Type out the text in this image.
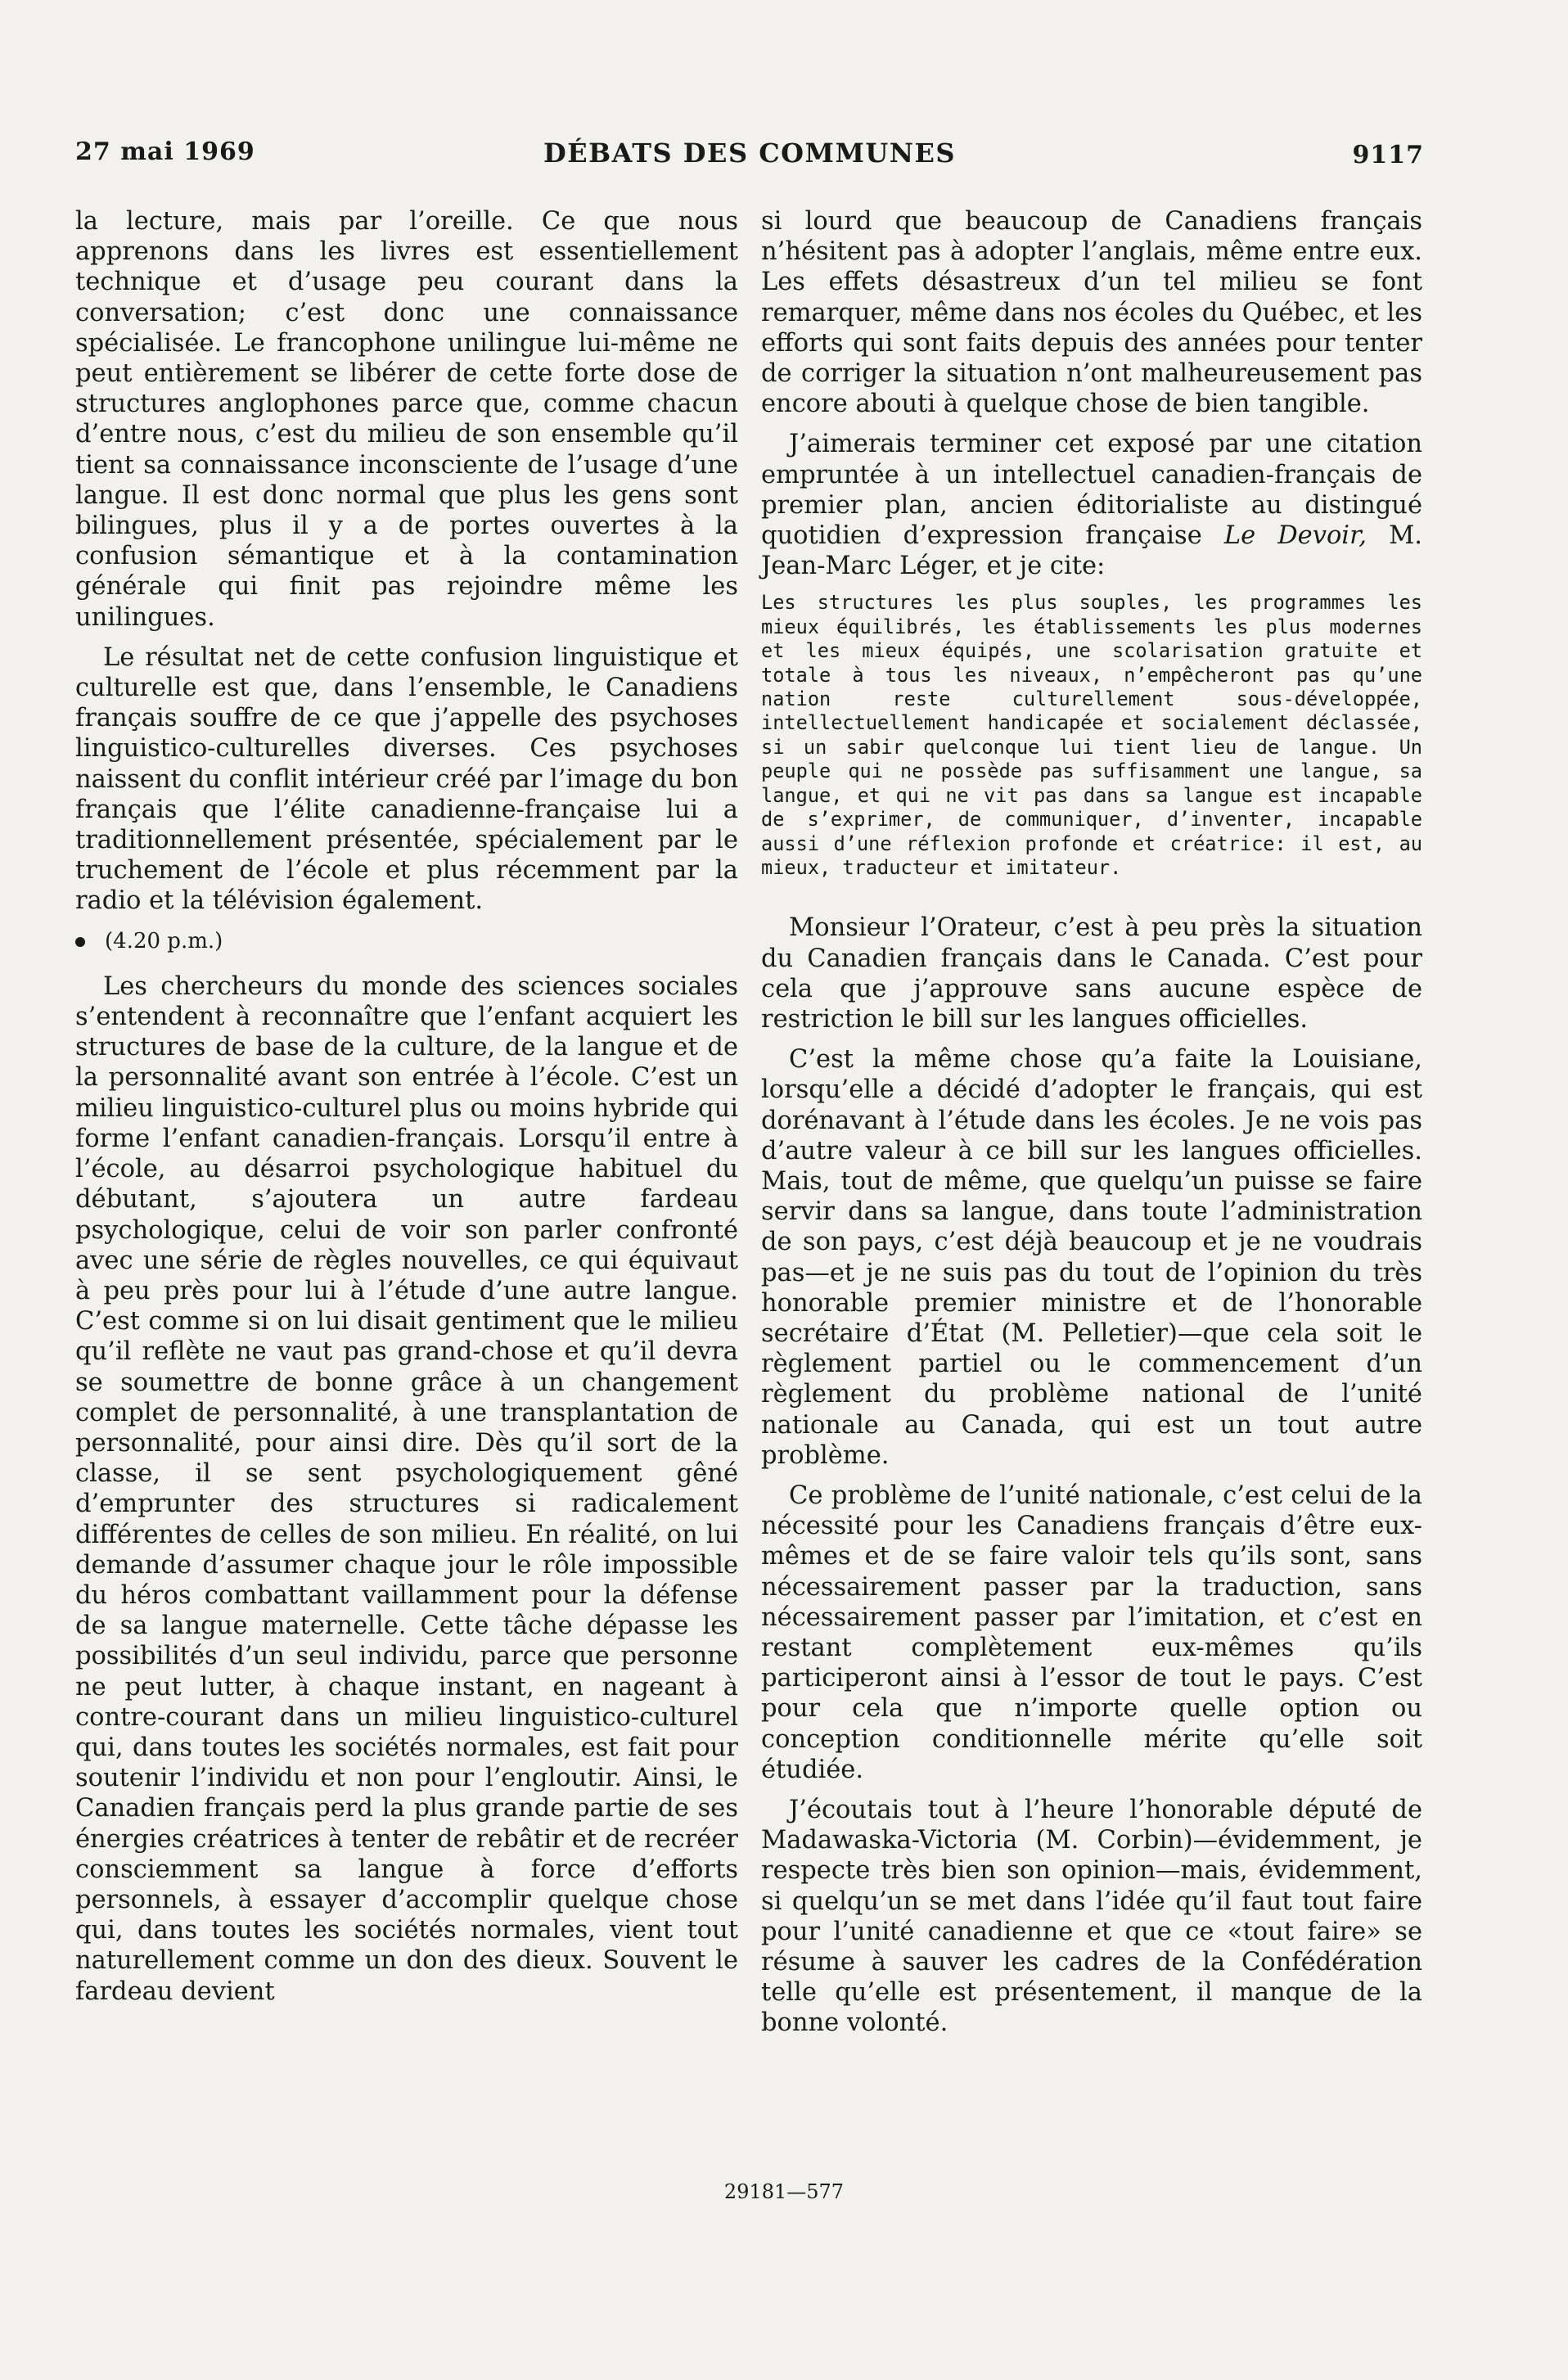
27 mai 1969	DÉBATS DES COMMUNES	9117

la lecture, mais par l’oreille. Ce que nous apprenons dans les livres est essentiellement technique et d’usage peu courant dans la conversation; c’est donc une connaissance spécialisée. Le francophone unilingue lui-même ne peut entièrement se libérer de cette forte dose de structures anglophones parce que, comme chacun d’entre nous, c’est du milieu de son ensemble qu’il tient sa connaissance inconsciente de l’usage d’une langue. Il est donc normal que plus les gens sont bilingues, plus il y a de portes ouvertes à la confusion sémantique et à la contamination générale qui finit pas rejoindre même les unilingues.

Le résultat net de cette confusion linguistique et culturelle est que, dans l’ensemble, le Canadiens français souffre de ce que j’appelle des psychoses linguistico-culturelles diverses. Ces psychoses naissent du conflit intérieur créé par l’image du bon français que l’élite canadienne-française lui a traditionnellement présentée, spécialement par le truchement de l’école et plus récemment par la radio et la télévision également.

(4.20 p.m.)

Les chercheurs du monde des sciences sociales s’entendent à reconnaître que l’enfant acquiert les structures de base de la culture, de la langue et de la personnalité avant son entrée à l’école. C’est un milieu linguistico-culturel plus ou moins hybride qui forme l’enfant canadien-français. Lorsqu’il entre à l’école, au désarroi psychologique habituel du débutant, s’ajoutera un autre fardeau psychologique, celui de voir son parler confronté avec une série de règles nouvelles, ce qui équivaut à peu près pour lui à l’étude d’une autre langue. C’est comme si on lui disait gentiment que le milieu qu’il reflète ne vaut pas grand-chose et qu’il devra se soumettre de bonne grâce à un changement complet de personnalité, à une transplantation de personnalité, pour ainsi dire. Dès qu’il sort de la classe, il se sent psychologiquement gêné d’emprunter des structures si radicalement différentes de celles de son milieu. En réalité, on lui demande d’assumer chaque jour le rôle impossible du héros combattant vaillamment pour la défense de sa langue maternelle. Cette tâche dépasse les possibilités d’un seul individu, parce que personne ne peut lutter, à chaque instant, en nageant à contre-courant dans un milieu linguistico-culturel qui, dans toutes les sociétés normales, est fait pour soutenir l’individu et non pour l’engloutir. Ainsi, le Canadien français perd la plus grande partie de ses énergies créatrices à tenter de rebâtir et de recréer consciemment sa langue à force d’efforts personnels, à essayer d’accomplir quelque chose qui, dans toutes les sociétés normales, vient tout naturellement comme un don des dieux. Souvent le fardeau devient

si lourd que beaucoup de Canadiens français n’hésitent pas à adopter l’anglais, même entre eux. Les effets désastreux d’un tel milieu se font remarquer, même dans nos écoles du Québec, et les efforts qui sont faits depuis des années pour tenter de corriger la situation n’ont malheureusement pas encore abouti à quelque chose de bien tangible.

J’aimerais terminer cet exposé par une citation empruntée à un intellectuel canadien-français de premier plan, ancien éditorialiste au distingué quotidien d’expression française Le Devoir, M. Jean-Marc Léger, et je cite:

Les structures les plus souples, les programmes les mieux équilibrés, les établissements les plus modernes et les mieux équipés, une scolarisation gratuite et totale à tous les niveaux, n’empêcheront pas qu’une nation reste culturellement sous-développée, intellectuellement handicapée et socialement déclassée, si un sabir quelconque lui tient lieu de langue. Un peuple qui ne possède pas suffisamment une langue, sa langue, et qui ne vit pas dans sa langue est incapable de s’exprimer, de communiquer, d’inventer, incapable aussi d’une réflexion profonde et créatrice: il est, au mieux, traducteur et imitateur.

Monsieur l’Orateur, c’est à peu près la situation du Canadien français dans le Canada. C’est pour cela que j’approuve sans aucune espèce de restriction le bill sur les langues officielles.

C’est la même chose qu’a faite la Louisiane, lorsqu’elle a décidé d’adopter le français, qui est dorénavant à l’étude dans les écoles. Je ne vois pas d’autre valeur à ce bill sur les langues officielles. Mais, tout de même, que quelqu’un puisse se faire servir dans sa langue, dans toute l’administration de son pays, c’est déjà beaucoup et je ne voudrais pas—et je ne suis pas du tout de l’opinion du très honorable premier ministre et de l’honorable secrétaire d’État (M. Pelletier)—que cela soit le règlement partiel ou le commencement d’un règlement du problème national de l’unité nationale au Canada, qui est un tout autre problème.

Ce problème de l’unité nationale, c’est celui de la nécessité pour les Canadiens français d’être eux-mêmes et de se faire valoir tels qu’ils sont, sans nécessairement passer par la traduction, sans nécessairement passer par l’imitation, et c’est en restant complètement eux-mêmes qu’ils participeront ainsi à l’essor de tout le pays. C’est pour cela que n’importe quelle option ou conception conditionnelle mérite qu’elle soit étudiée.

J’écoutais tout à l’heure l’honorable député de Madawaska-Victoria (M. Corbin)—évidemment, je respecte très bien son opinion—mais, évidemment, si quelqu’un se met dans l’idée qu’il faut tout faire pour l’unité canadienne et que ce «tout faire» se résume à sauver les cadres de la Confédération telle qu’elle est présentement, il manque de la bonne volonté.

29181—577
